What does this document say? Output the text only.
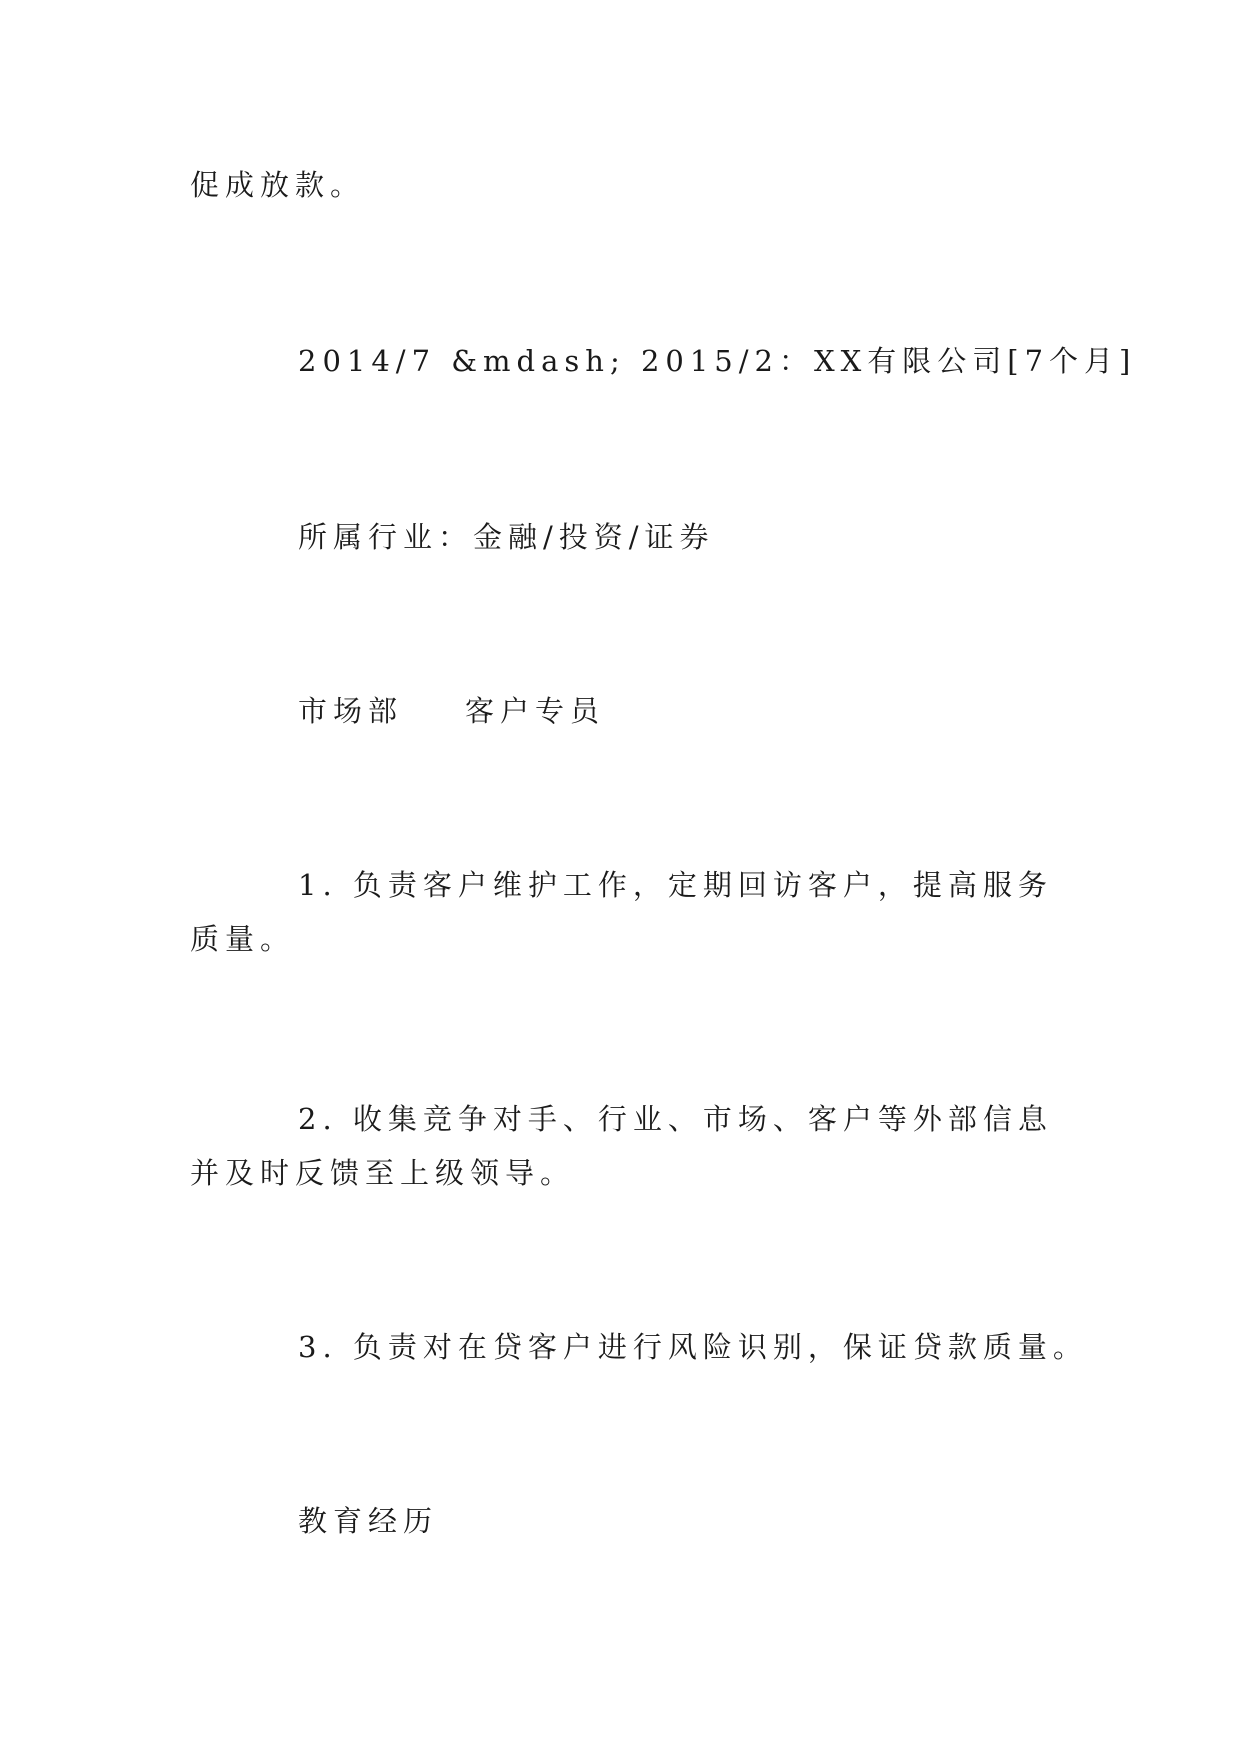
促成放款。

2014/7 &mdash; 2015/2：XX有限公司[7个月]

所属行业：金融/投资/证券

市场部 客户专员

1. 负责客户维护工作，定期回访客户，提高服务质量。

2. 收集竞争对手、行业、市场、客户等外部信息并及时反馈至上级领导。

3. 负责对在贷客户进行风险识别，保证贷款质量。

教育经历
